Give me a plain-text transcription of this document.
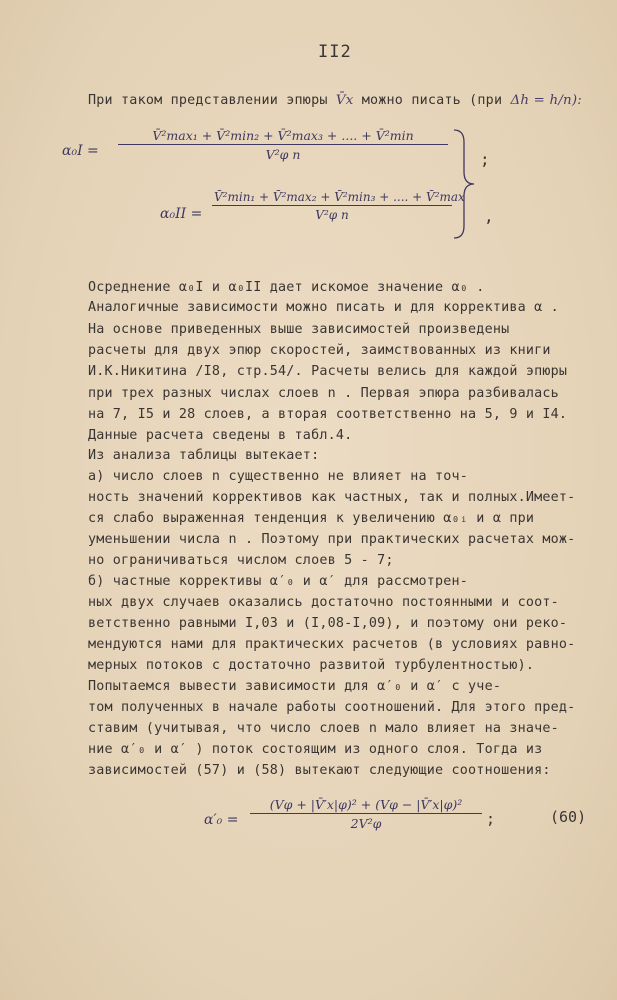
II2
При таком представлении эпюры V̄x можно писать (при Δh = h/n):
α₀I =
V̄²max₁ + V̄²min₂ + V̄²max₃ + .... + V̄²min
V²φ n
α₀II =
V̄²min₁ + V̄²max₂ + V̄²min₃ + .... + V̄²max
V²φ n
;
,
Осреднение α₀I и α₀II дает искомое значение α₀ .
Аналогичные зависимости можно писать и для корректива α .
На основе приведенных выше зависимостей произведены
расчеты для двух эпюр скоростей, заимствованных из книги
И.К.Никитина /I8, стр.54/. Расчеты велись для каждой эпюры
при трех разных числах слоев n . Первая эпюра разбивалась
на 7, I5 и 28 слоев, а вторая соответственно на 5, 9 и I4.
Данные расчета сведены в табл.4.
Из анализа таблицы вытекает:
а) число слоев n существенно не влияет на точ-
ность значений коррективов как частных, так и полных.Имеет-
ся слабо выраженная тенденция к увеличению α₀ᵢ и α при
уменьшении числа n . Поэтому при практических расчетах мож-
но ограничиваться числом слоев 5 - 7;
б) частные коррективы α′₀ и α′ для рассмотрен-
ных двух случаев оказались достаточно постоянными и соот-
ветственно равными I,03 и (I,08-I,09), и поэтому они реко-
мендуются нами для практических расчетов (в условиях равно-
мерных потоков с достаточно развитой турбулентностью).
Попытаемся вывести зависимости для α′₀ и α′ с уче-
том полученных в начале работы соотношений. Для этого пред-
ставим (учитывая, что число слоев n мало влияет на значе-
ние α′₀ и α′ ) поток состоящим из одного слоя. Тогда из
зависимостей (57) и (58) вытекают следующие соотношения:
$\alpha'_0 = \frac{\text{(Vφ + |V̄′x|φ)² + (Vφ − |V̄′x|φ)²}}{\text{2V²φ}}$ ;	(60)
